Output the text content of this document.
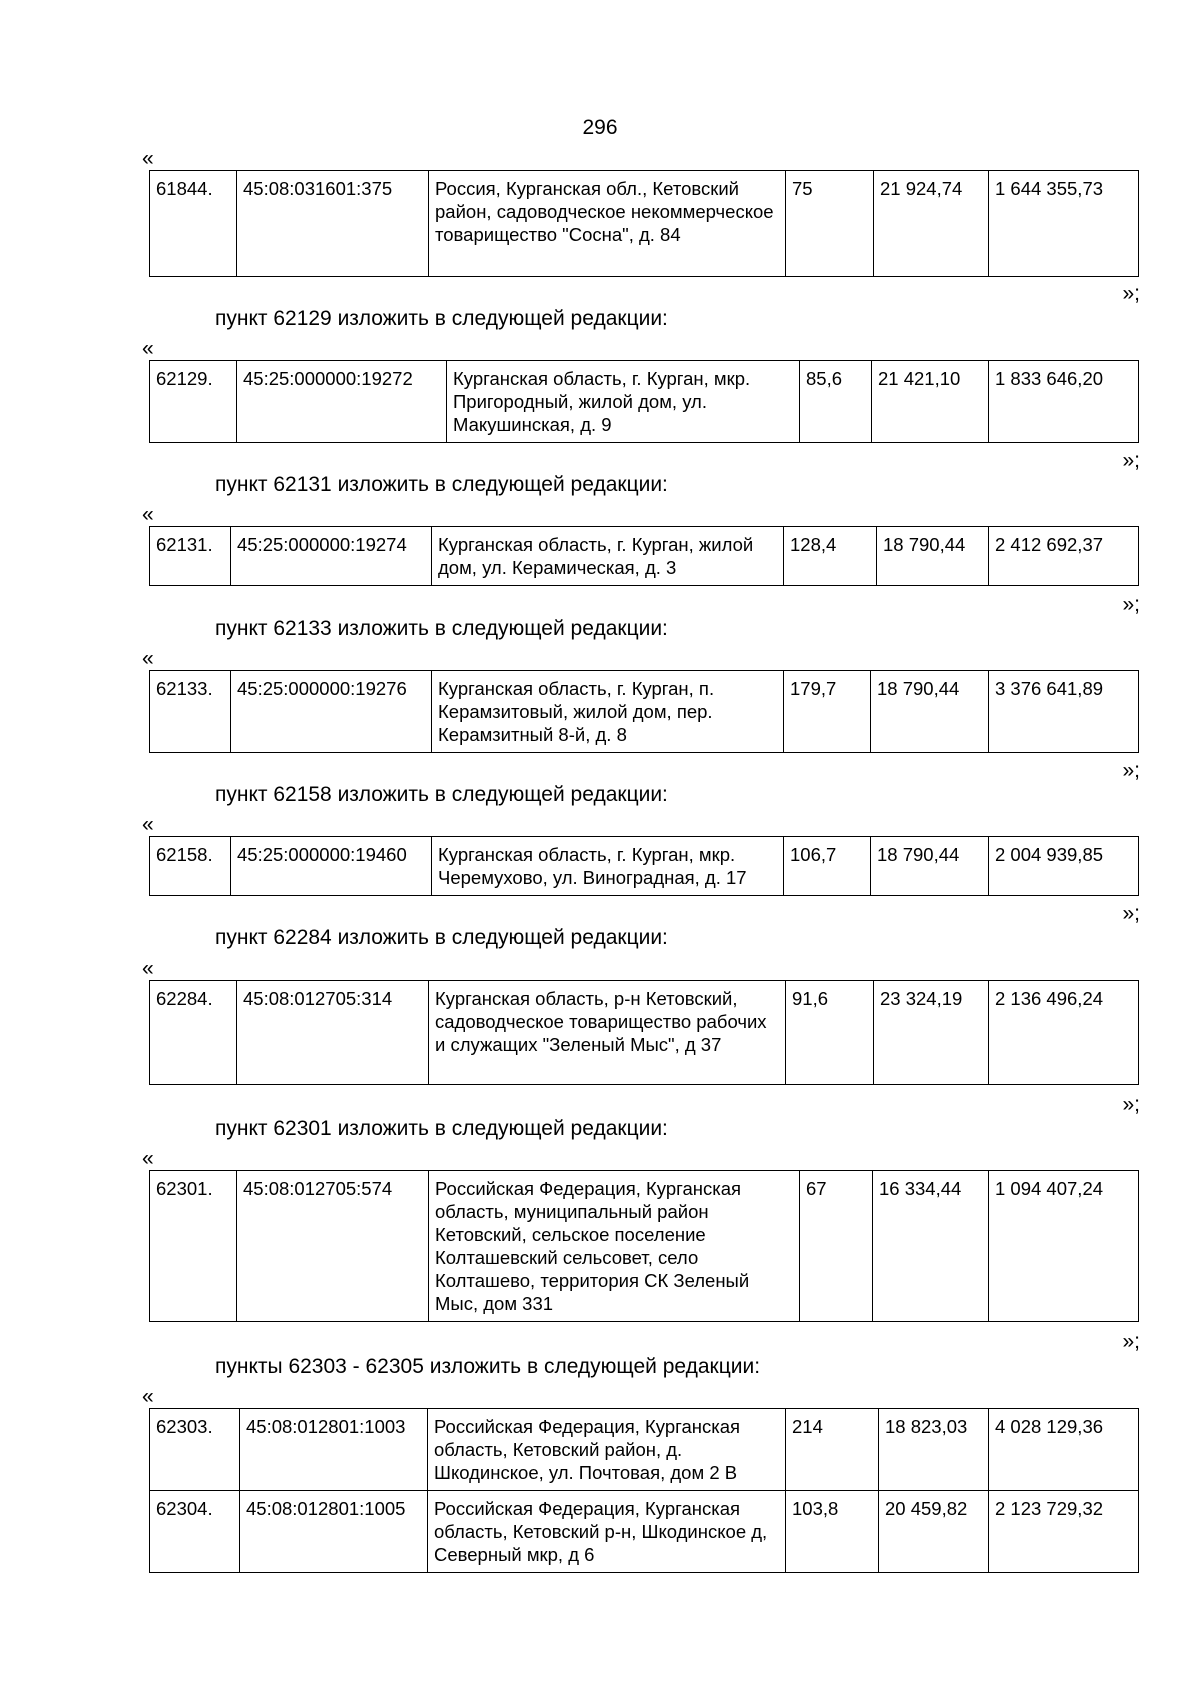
296
«
61844.	45:08:031601:375	Россия, Курганская обл., Кетовский район, садоводческое некоммерческое товарищество "Сосна", д. 84	75	21 924,74	1 644 355,73
»;
пункт 62129 изложить в следующей редакции:
«
62129.	45:25:000000:19272	Курганская область, г. Курган, мкр. Пригородный, жилой дом, ул. Макушинская, д. 9	85,6	21 421,10	1 833 646,20
»;
пункт 62131 изложить в следующей редакции:
«
62131.	45:25:000000:19274	Курганская область, г. Курган, жилой дом, ул. Керамическая, д. 3	128,4	18 790,44	2 412 692,37
»;
пункт 62133 изложить в следующей редакции:
«
62133.	45:25:000000:19276	Курганская область, г. Курган, п. Керамзитовый, жилой дом, пер. Керамзитный 8-й, д. 8	179,7	18 790,44	3 376 641,89
»;
пункт 62158 изложить в следующей редакции:
«
62158.	45:25:000000:19460	Курганская область, г. Курган, мкр. Черемухово, ул. Виноградная, д. 17	106,7	18 790,44	2 004 939,85
»;
пункт 62284 изложить в следующей редакции:
«
62284.	45:08:012705:314	Курганская область, р-н Кетовский, садоводческое товарищество рабочих и служащих "Зеленый Мыс", д 37	91,6	23 324,19	2 136 496,24
»;
пункт 62301 изложить в следующей редакции:
«
62301.	45:08:012705:574	Российская Федерация, Курганская область, муниципальный район Кетовский, сельское поселение Колташевский сельсовет, село Колташево, территория СК Зеленый Мыс, дом 331	67	16 334,44	1 094 407,24
»;
пункты 62303 - 62305 изложить в следующей редакции:
«
62303.	45:08:012801:1003	Российская Федерация, Курганская область, Кетовский район, д. Шкодинское, ул. Почтовая, дом 2 В	214	18 823,03	4 028 129,36
62304.	45:08:012801:1005	Российская Федерация, Курганская область, Кетовский р-н, Шкодинское д, Северный мкр, д 6	103,8	20 459,82	2 123 729,32
